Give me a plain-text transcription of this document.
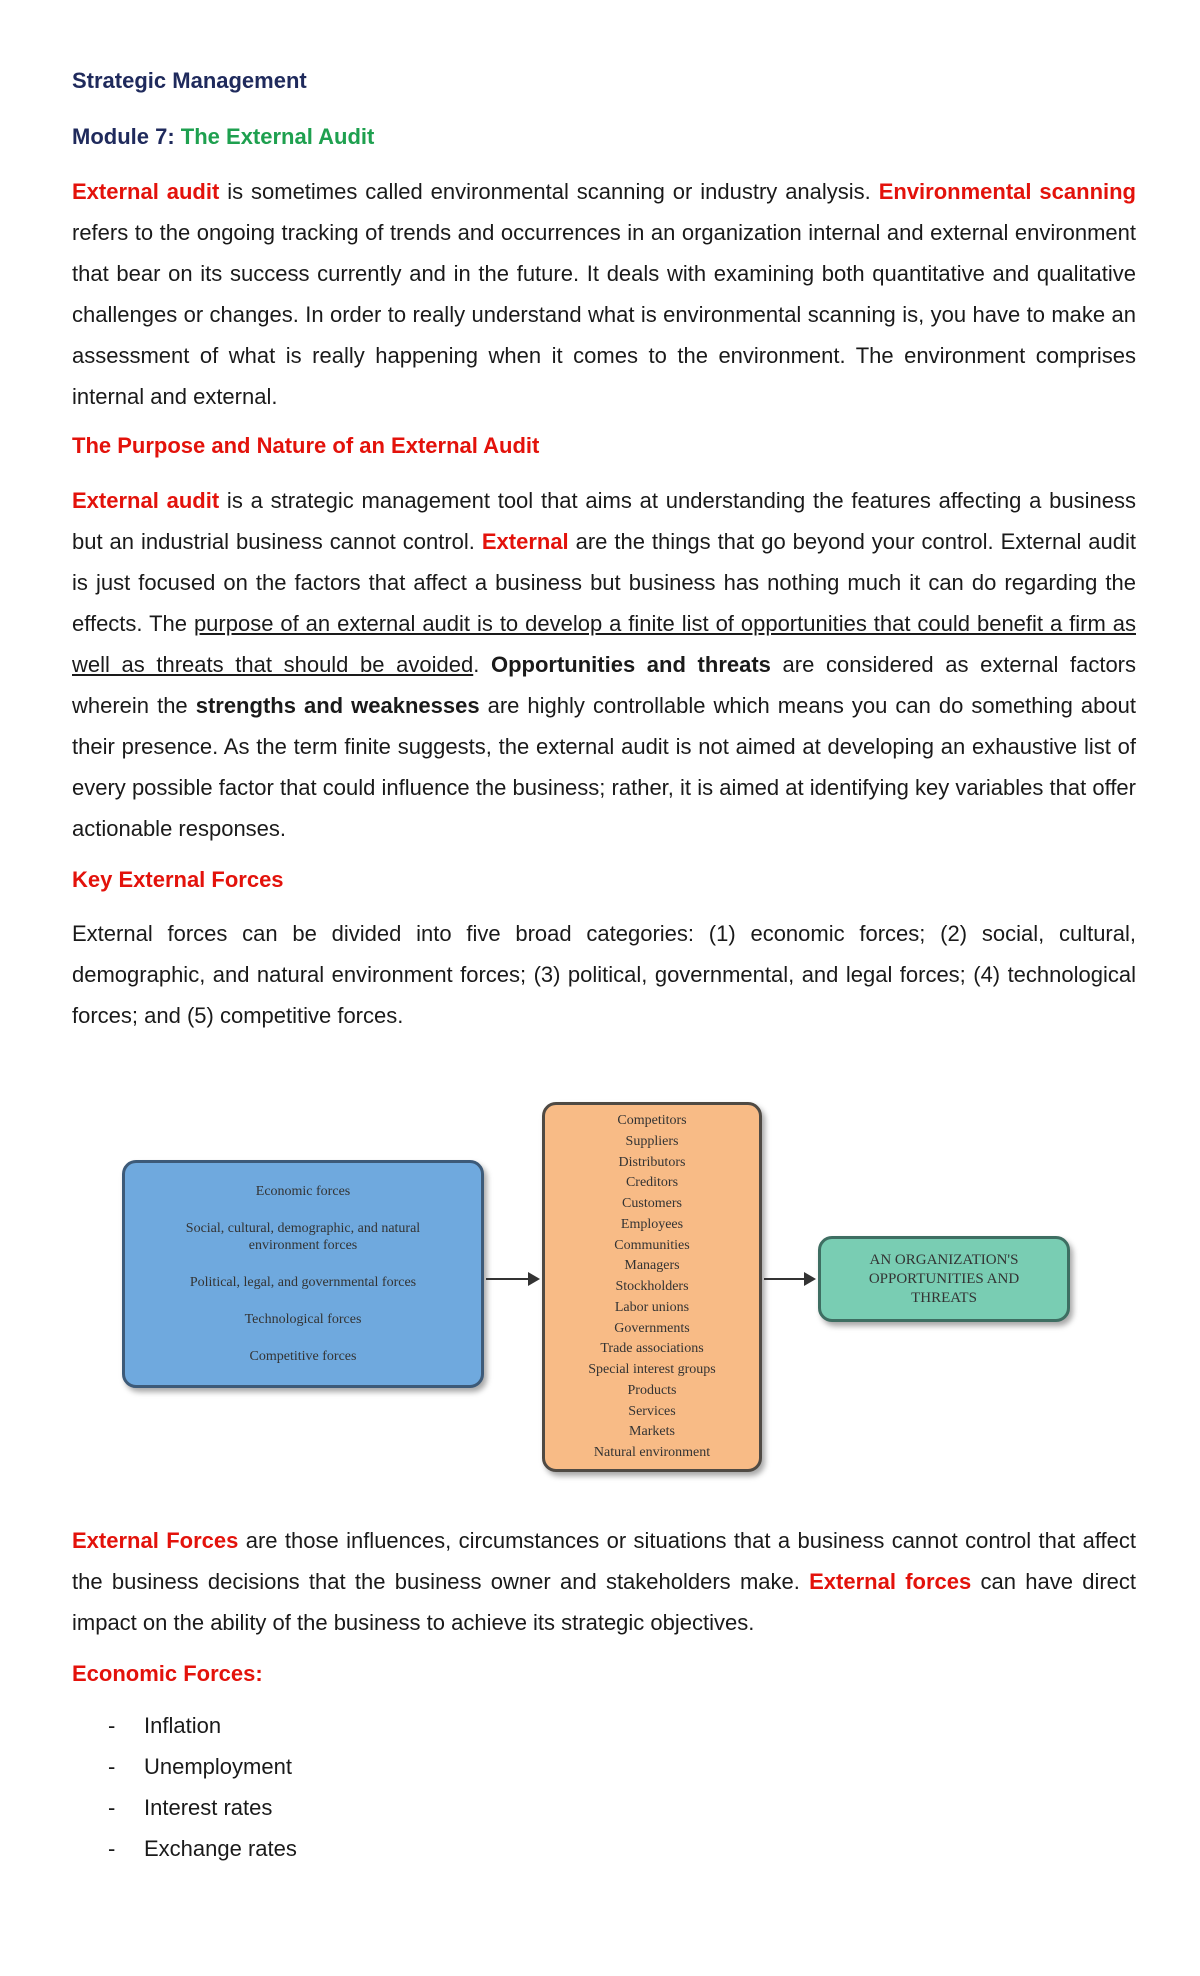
Strategic Management

Module 7: The External Audit

External audit is sometimes called environmental scanning or industry analysis. Environmental scanning refers to the ongoing tracking of trends and occurrences in an organization internal and external environment that bear on its success currently and in the future. It deals with examining both quantitative and qualitative challenges or changes. In order to really understand what is environmental scanning is, you have to make an assessment of what is really happening when it comes to the environment. The environment comprises internal and external.

The Purpose and Nature of an External Audit

External audit is a strategic management tool that aims at understanding the features affecting a business but an industrial business cannot control. External are the things that go beyond your control. External audit is just focused on the factors that affect a business but business has nothing much it can do regarding the effects. The purpose of an external audit is to develop a finite list of opportunities that could benefit a firm as well as threats that should be avoided. Opportunities and threats are considered as external factors wherein the strengths and weaknesses are highly controllable which means you can do something about their presence. As the term finite suggests, the external audit is not aimed at developing an exhaustive list of every possible factor that could influence the business; rather, it is aimed at identifying key variables that offer actionable responses.

Key External Forces

External forces can be divided into five broad categories: (1) economic forces; (2) social, cultural, demographic, and natural environment forces; (3) political, governmental, and legal forces; (4) technological forces; and (5) competitive forces.

Economic forces
Social, cultural, demographic, and natural environment forces
Political, legal, and governmental forces
Technological forces
Competitive forces
Competitors
Suppliers
Distributors
Creditors
Customers
Employees
Communities
Managers
Stockholders
Labor unions
Governments
Trade associations
Special interest groups
Products
Services
Markets
Natural environment
AN ORGANIZATION'S OPPORTUNITIES AND THREATS

External Forces are those influences, circumstances or situations that a business cannot control that affect the business decisions that the business owner and stakeholders make. External forces can have direct impact on the ability of the business to achieve its strategic objectives.

Economic Forces:

- Inflation
- Unemployment
- Interest rates
- Exchange rates
